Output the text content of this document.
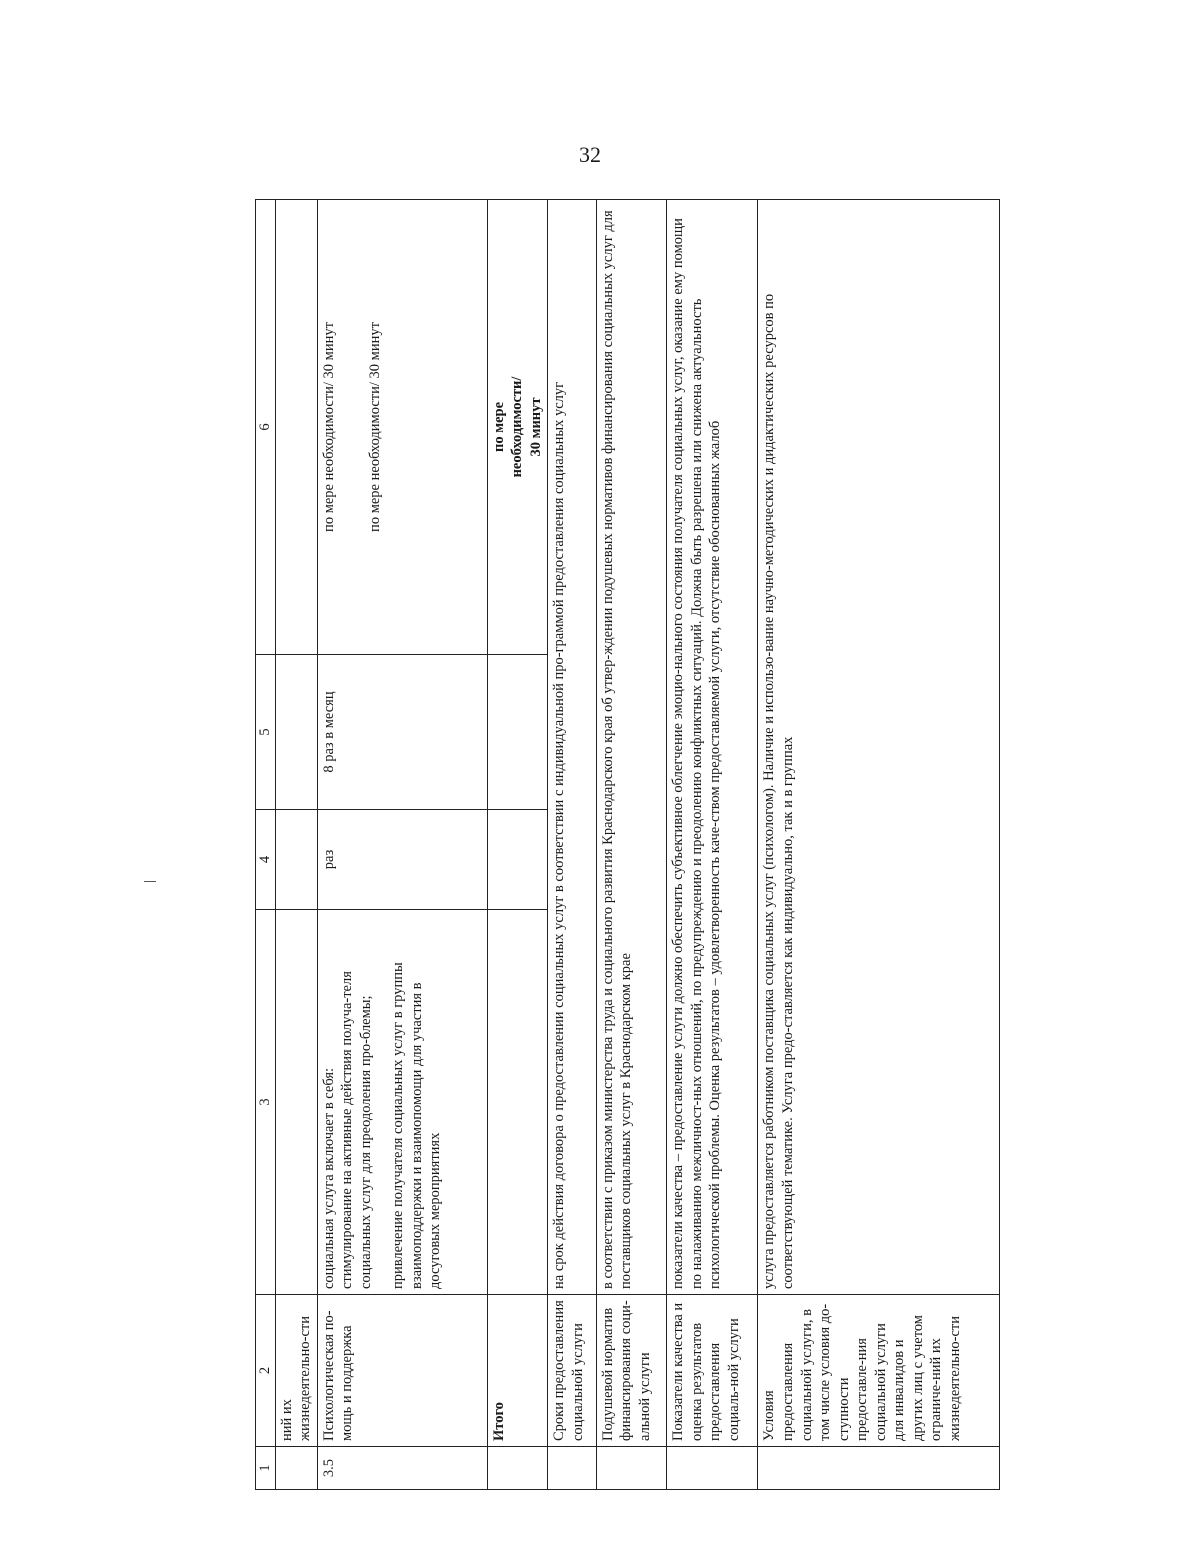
32
1	2	3	4	5	6
	ний их жизнедеятельно-сти				
3.5	Психологическая по-мощь и поддержка	социальная услуга включает в себя: стимулирование на активные действия получа-теля социальных услуг для преодоления про-блемы; привлечение получателя социальных услуг в группы взаимоподдержки и взаимопомощи для участия в досуговых мероприятиях	раз	8 раз в месяц	по мере необходимости/ 30 минут по мере необходимости/ 30 минут

	Итого				по мере необходимости/ 30 минут

	Сроки предоставления социальной услуги	на срок действия договора о предоставлении социальных услуг в соответствии с индивидуальной про-граммой предоставления социальных услуг			
	Подушевой норматив финансирования соци-альной услуги	в соответствии с приказом министерства труда и социального развития Краснодарского края об утвер-ждении подушевых нормативов финансирования социальных услуг для поставщиков социальных услуг в Краснодарском крае			
	Показатели качества и оценка результатов предоставления социаль-ной услуги	показатели качества – предоставление услуги должно обеспечить субъективное облегчение эмоцио-нального состояния получателя социальных услуг, оказание ему помощи по налаживанию межличност-ных отношений, по предупреждению и преодолению конфликтных ситуаций. Должна быть разрешена или снижена актуальность психологической проблемы. Оценка результатов – удовлетворенность каче-ством предоставляемой услуги, отсутствие обоснованных жалоб			
	Условия предоставления социальной услуги, в том числе условия до-ступности предоставле-ния социальной услуги для инвалидов и других лиц с учетом ограниче-ний их жизнедеятельно-сти	услуга предоставляется работником поставщика социальных услуг (психологом). Наличие и использо-вание научно-методических и дидактических ресурсов по соответствующей тематике. Услуга предо-ставляется как индивидуально, так и в группах			
